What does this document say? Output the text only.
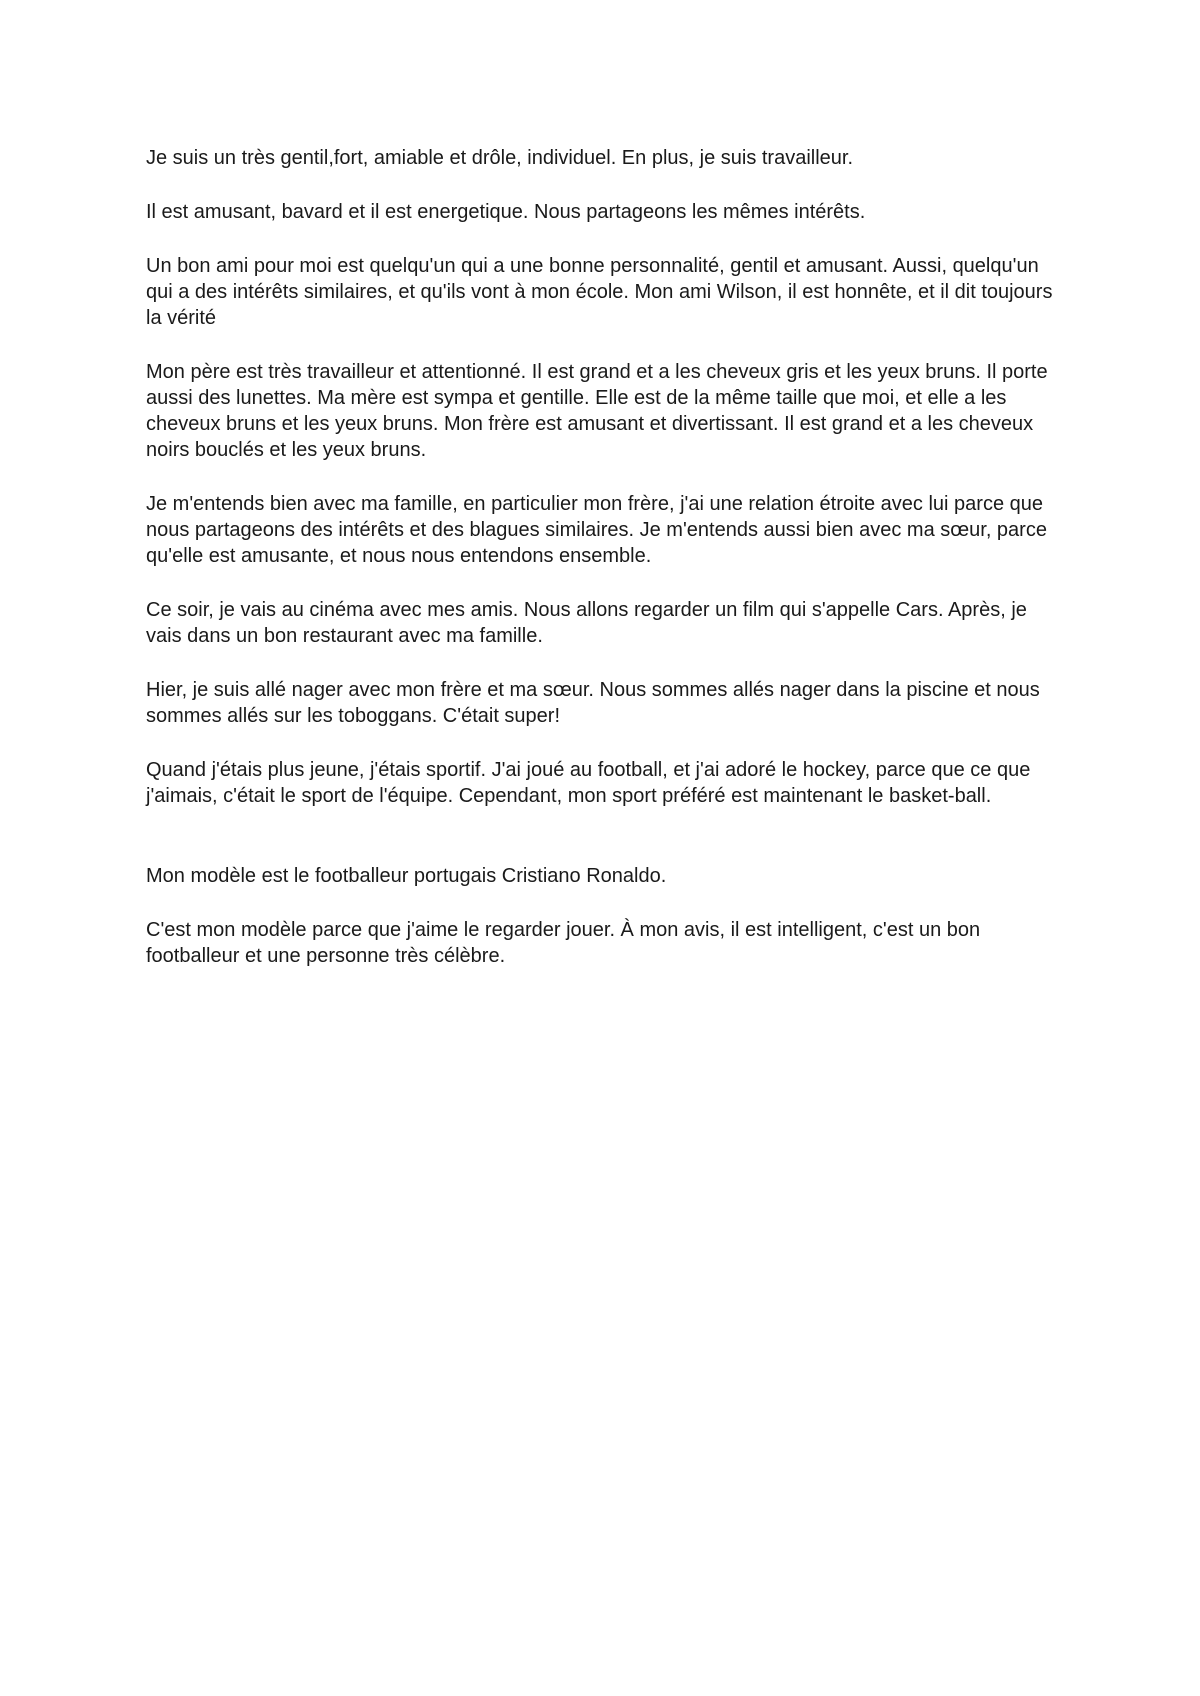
Je suis un très gentil,fort, amiable et drôle, individuel. En plus, je suis travailleur.

Il est amusant, bavard et il est energetique. Nous partageons les mêmes intérêts.

Un bon ami pour moi est quelqu'un qui a une bonne personnalité, gentil et amusant. Aussi, quelqu'un qui a des intérêts similaires, et qu'ils vont à mon école. Mon ami Wilson, il est honnête, et il dit toujours la vérité

Mon père est très travailleur et attentionné. Il est grand et a les cheveux gris et les yeux bruns. Il porte aussi des lunettes. Ma mère est sympa et gentille. Elle est de la même taille que moi, et elle a les cheveux bruns et les yeux bruns. Mon frère est amusant et divertissant. Il est grand et a les cheveux noirs bouclés et les yeux bruns.

Je m'entends bien avec ma famille, en particulier mon frère, j'ai une relation étroite avec lui parce que nous partageons des intérêts et des blagues similaires. Je m'entends aussi bien avec ma sœur, parce qu'elle est amusante, et nous nous entendons ensemble.

Ce soir, je vais au cinéma avec mes amis. Nous allons regarder un film qui s'appelle Cars. Après, je vais dans un bon restaurant avec ma famille.

Hier, je suis allé nager avec mon frère et ma sœur. Nous sommes allés nager dans la piscine et nous sommes allés sur les toboggans. C'était super!

Quand j'étais plus jeune, j'étais sportif. J'ai joué au football, et j'ai adoré le hockey, parce que ce que j'aimais, c'était le sport de l'équipe. Cependant, mon sport préféré est maintenant le basket-ball.

Mon modèle est le footballeur portugais Cristiano Ronaldo.

C'est mon modèle parce que j'aime le regarder jouer. À mon avis, il est intelligent, c'est un bon footballeur et une personne très célèbre.
